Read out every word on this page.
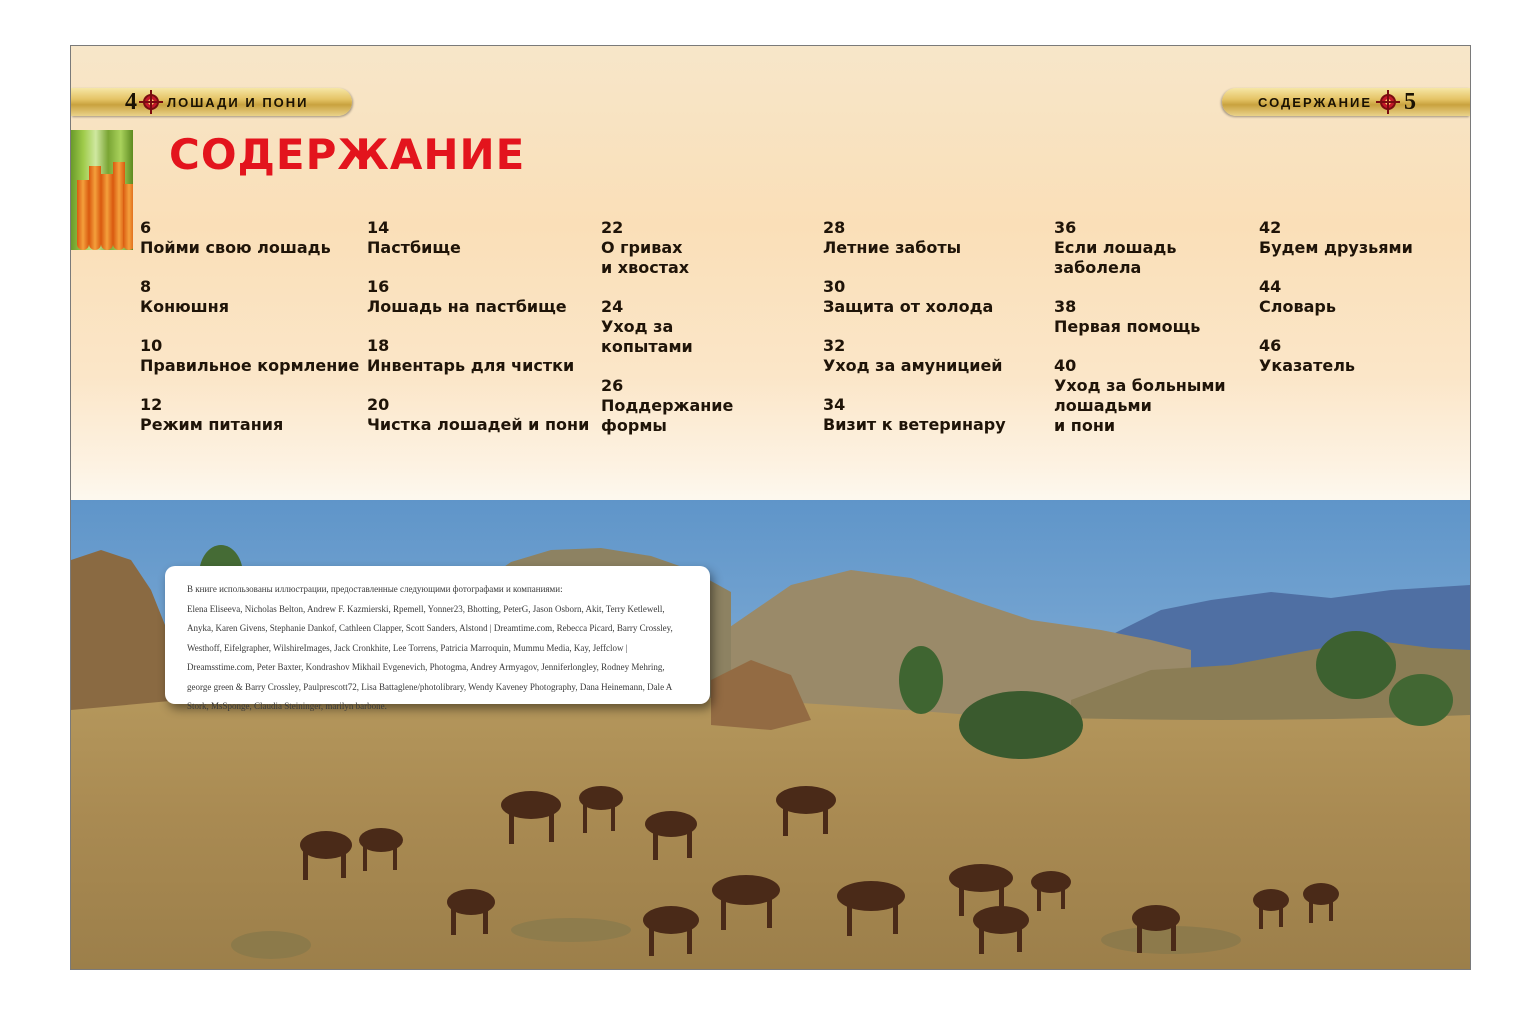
4 ЛОШАДИ И ПОНИ	СОДЕРЖАНИЕ 5
СОДЕРЖАНИЕ

6
Пойми свою лошадь

8
Конюшня

10
Правильное кормление

12
Режим питания

14
Пастбище

16
Лошадь на пастбище

18
Инвентарь для чистки

20
Чистка лошадей и пони

22
О гривах
и хвостах

24
Уход за
копытами

26
Поддержание
формы

28
Летние заботы

30
Защита от холода

32
Уход за амуницией

34
Визит к ветеринару

36
Если лошадь
заболела

38
Первая помощь

40
Уход за больными
лошадьми
и пони

42
Будем друзьями

44
Словарь

46
Указатель

В книге использованы иллюстрации, предоставленные следующими фотографами и компаниями:
Elena Eliseeva, Nicholas Belton, Andrew F. Kazmierski, Rpemell, Yonner23, Bhotting, PeterG, Jason Osborn, Akit, Terry Ketlewell, Anyka, Karen Givens, Stephanie Dankof, Cathleen Clapper, Scott Sanders, Alstond | Dreamtime.com, Rebecca Picard, Barry Crossley, Westhoff, Eifelgrapher, WilshireImages, Jack Cronkhite, Lee Torrens, Patricia Marroquin, Mummu Media, Kay, Jeffclow | Dreamsstime.com, Peter Baxter, Kondrashov Mikhail Evgenevich, Photogma, Andrey Armyagov, Jenniferlongley, Rodney Mehring, george green & Barry Crossley, Paulprescott72, Lisa Battaglene/photolibrary, Wendy Kaveney Photography, Dana Heinemann, Dale A Stork, MsSponge, Claudia Steininger, marilyn barbone.
